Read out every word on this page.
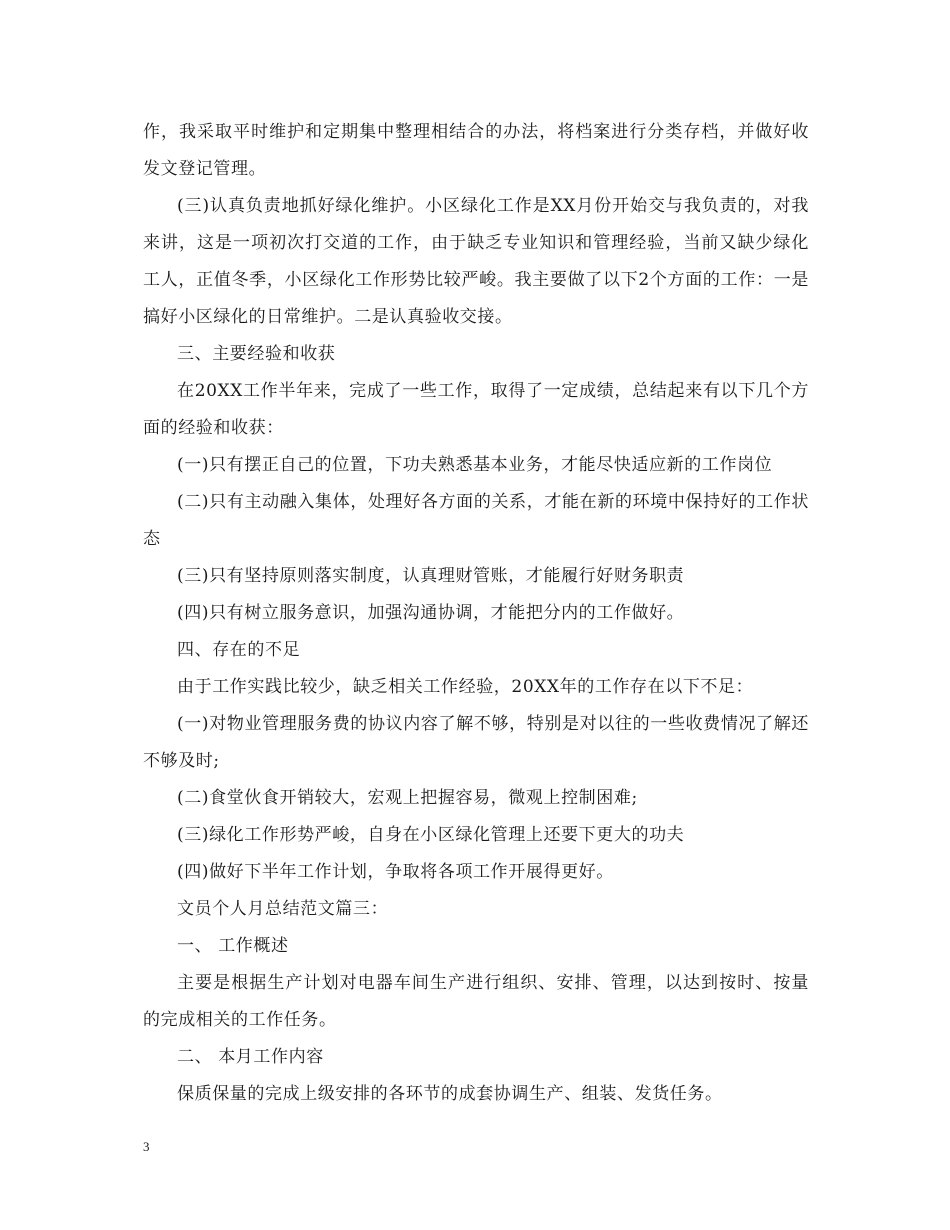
作，我采取平时维护和定期集中整理相结合的办法，将档案进行分类存档，并做好收发文登记管理。

(三)认真负责地抓好绿化维护。小区绿化工作是XX月份开始交与我负责的，对我来讲，这是一项初次打交道的工作，由于缺乏专业知识和管理经验，当前又缺少绿化工人，正值冬季，小区绿化工作形势比较严峻。我主要做了以下2个方面的工作：一是搞好小区绿化的日常维护。二是认真验收交接。

三、主要经验和收获

在20XX工作半年来，完成了一些工作，取得了一定成绩，总结起来有以下几个方面的经验和收获：

(一)只有摆正自己的位置，下功夫熟悉基本业务，才能尽快适应新的工作岗位

(二)只有主动融入集体，处理好各方面的关系，才能在新的环境中保持好的工作状态

(三)只有坚持原则落实制度，认真理财管账，才能履行好财务职责

(四)只有树立服务意识，加强沟通协调，才能把分内的工作做好。

四、存在的不足

由于工作实践比较少，缺乏相关工作经验，20XX年的工作存在以下不足：

(一)对物业管理服务费的协议内容了解不够，特别是对以往的一些收费情况了解还不够及时;

(二)食堂伙食开销较大，宏观上把握容易，微观上控制困难;

(三)绿化工作形势严峻，自身在小区绿化管理上还要下更大的功夫

(四)做好下半年工作计划，争取将各项工作开展得更好。

文员个人月总结范文篇三：

一、 工作概述

主要是根据生产计划对电器车间生产进行组织、安排、管理，以达到按时、按量的完成相关的工作任务。

二、 本月工作内容

保质保量的完成上级安排的各环节的成套协调生产、组装、发货任务。

3
